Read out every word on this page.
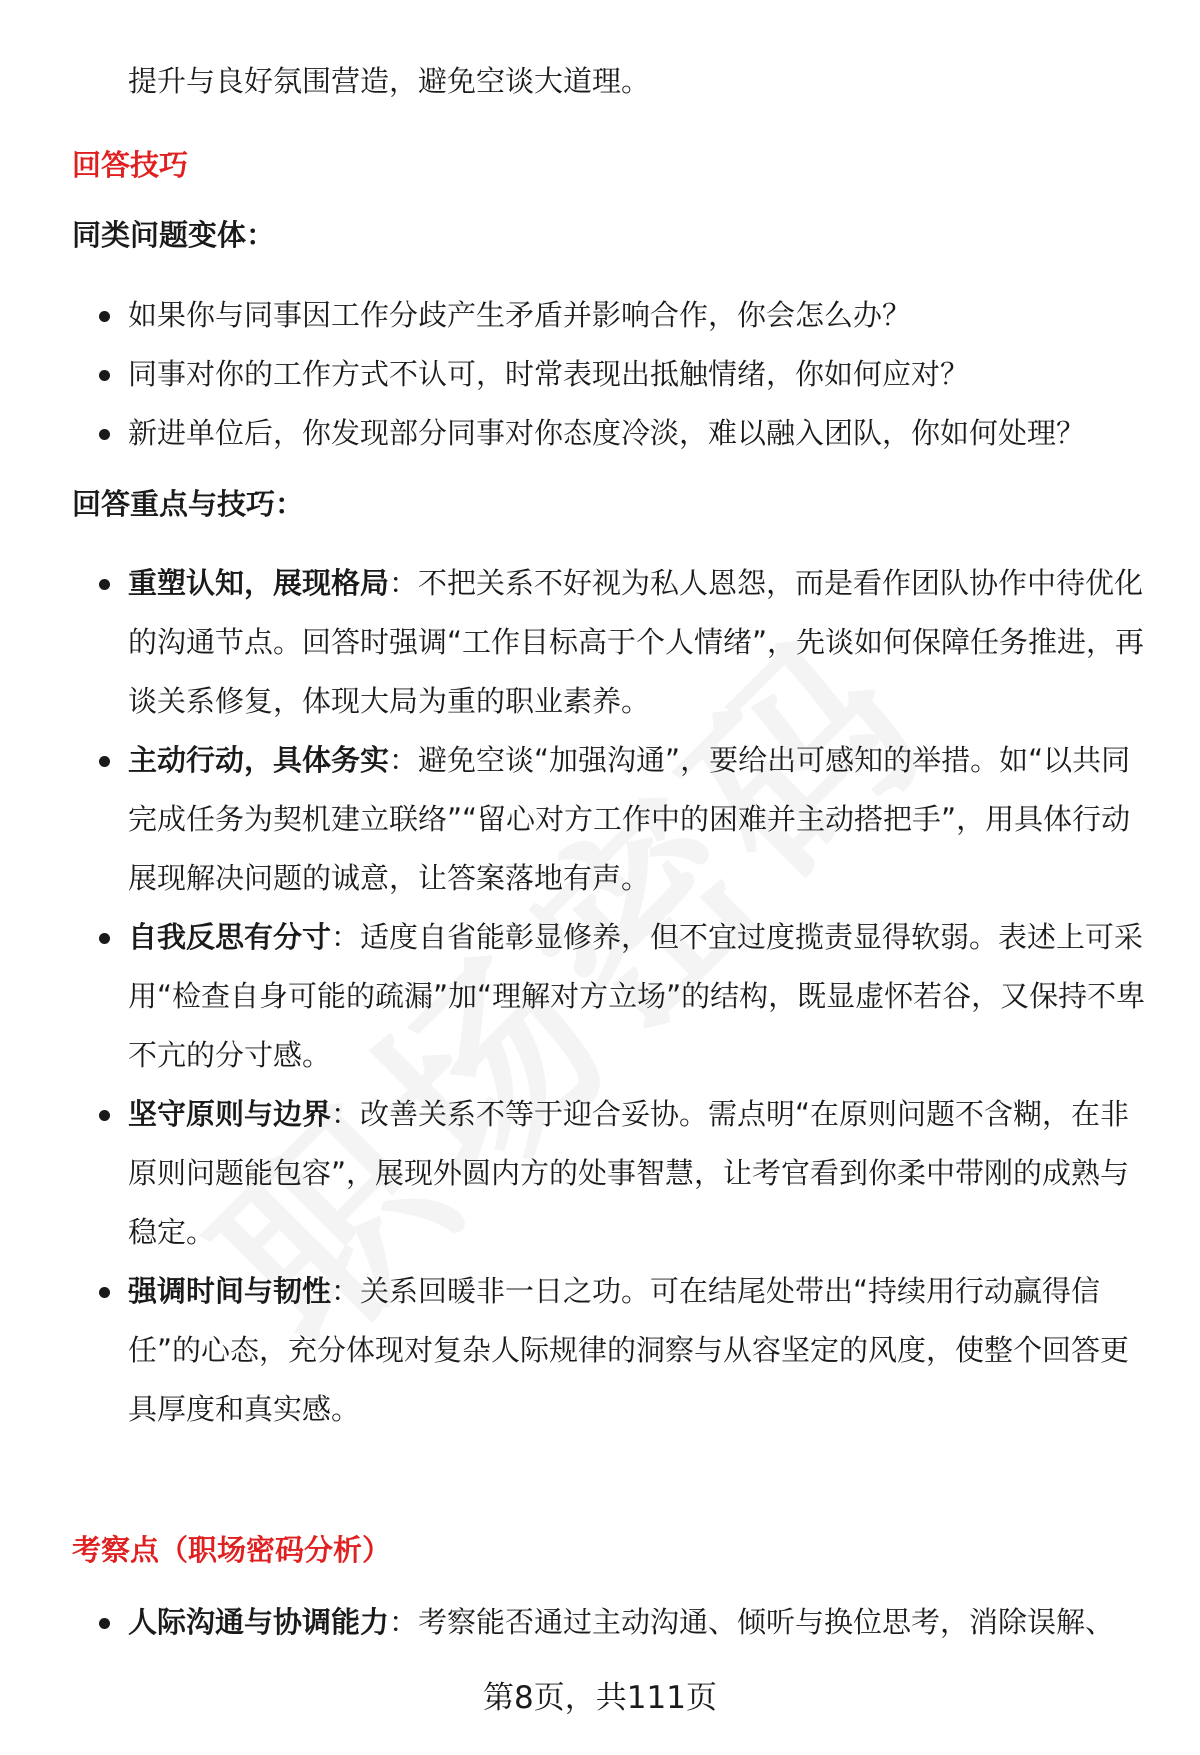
提升与良好氛围营造，避免空谈大道理。

回答技巧
同类问题变体：
如果你与同事因工作分歧产生矛盾并影响合作，你会怎么办？
同事对你的工作方式不认可，时常表现出抵触情绪，你如何应对？
新进单位后，你发现部分同事对你态度冷淡，难以融入团队，你如何处理？
回答重点与技巧：
重塑认知，展现格局：不把关系不好视为私人恩怨，而是看作团队协作中待优化的沟通节点。回答时强调“工作目标高于个人情绪”，先谈如何保障任务推进，再谈关系修复，体现大局为重的职业素养。
主动行动，具体务实：避免空谈“加强沟通”，要给出可感知的举措。如“以共同完成任务为契机建立联络”“留心对方工作中的困难并主动搭把手”，用具体行动展现解决问题的诚意，让答案落地有声。
自我反思有分寸：适度自省能彰显修养，但不宜过度揽责显得软弱。表述上可采用“检查自身可能的疏漏”加“理解对方立场”的结构，既显虚怀若谷，又保持不卑不亢的分寸感。
坚守原则与边界：改善关系不等于迎合妥协。需点明“在原则问题不含糊，在非原则问题能包容”，展现外圆内方的处事智慧，让考官看到你柔中带刚的成熟与稳定。
强调时间与韧性：关系回暖非一日之功。可在结尾处带出“持续用行动赢得信任”的心态，充分体现对复杂人际规律的洞察与从容坚定的风度，使整个回答更具厚度和真实感。
考察点（职场密码分析）
人际沟通与协调能力：考察能否通过主动沟通、倾听与换位思考，消除误解、
第8页，共111页
